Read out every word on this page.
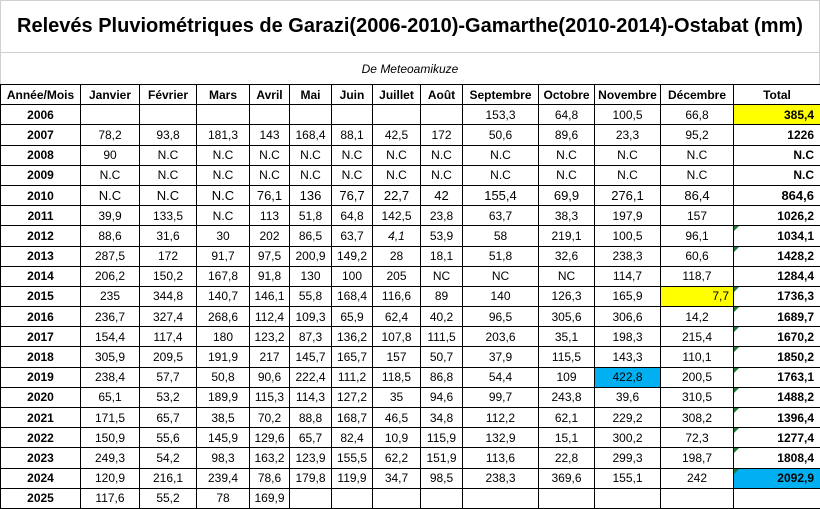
Relevés Pluviométriques de Garazi(2006-2010)-Gamarthe(2010-2014)-Ostabat (mm)
De Meteoamikuze
Année/Mois	Janvier	Février	Mars	Avril	Mai	Juin	Juillet	Août	Septembre	Octobre	Novembre	Décembre	Total
2006									153,3	64,8	100,5	66,8	385,4
2007	78,2	93,8	181,3	143	168,4	88,1	42,5	172	50,6	89,6	23,3	95,2	1226
2008	90	N.C	N.C	N.C	N.C	N.C	N.C	N.C	N.C	N.C	N.C	N.C	N.C
2009	N.C	N.C	N.C	N.C	N.C	N.C	N.C	N.C	N.C	N.C	N.C	N.C	N.C
2010	N.C	N.C	N.C	76,1	136	76,7	22,7	42	155,4	69,9	276,1	86,4	864,6
2011	39,9	133,5	N.C	113	51,8	64,8	142,5	23,8	63,7	38,3	197,9	157	1026,2
2012	88,6	31,6	30	202	86,5	63,7	4,1	53,9	58	219,1	100,5	96,1	1034,1

2013	287,5	172	91,7	97,5	200,9	149,2	28	18,1	51,8	32,6	238,3	60,6	1428,2

2014	206,2	150,2	167,8	91,8	130	100	205	NC	NC	NC	114,7	118,7	1284,4
2015	235	344,8	140,7	146,1	55,8	168,4	116,6	89	140	126,3	165,9	7,7	1736,3

2016	236,7	327,4	268,6	112,4	109,3	65,9	62,4	40,2	96,5	305,6	306,6	14,2	1689,7

2017	154,4	117,4	180	123,2	87,3	136,2	107,8	111,5	203,6	35,1	198,3	215,4	1670,2

2018	305,9	209,5	191,9	217	145,7	165,7	157	50,7	37,9	115,5	143,3	110,1	1850,2

2019	238,4	57,7	50,8	90,6	222,4	111,2	118,5	86,8	54,4	109	422,8	200,5	1763,1

2020	65,1	53,2	189,9	115,3	114,3	127,2	35	94,6	99,7	243,8	39,6	310,5	1488,2

2021	171,5	65,7	38,5	70,2	88,8	168,7	46,5	34,8	112,2	62,1	229,2	308,2	1396,4

2022	150,9	55,6	145,9	129,6	65,7	82,4	10,9	115,9	132,9	15,1	300,2	72,3	1277,4

2023	249,3	54,2	98,3	163,2	123,9	155,5	62,2	151,9	113,6	22,8	299,3	198,7	1808,4

2024	120,9	216,1	239,4	78,6	179,8	119,9	34,7	98,5	238,3	369,6	155,1	242	2092,9

2025	117,6	55,2	78	169,9									
